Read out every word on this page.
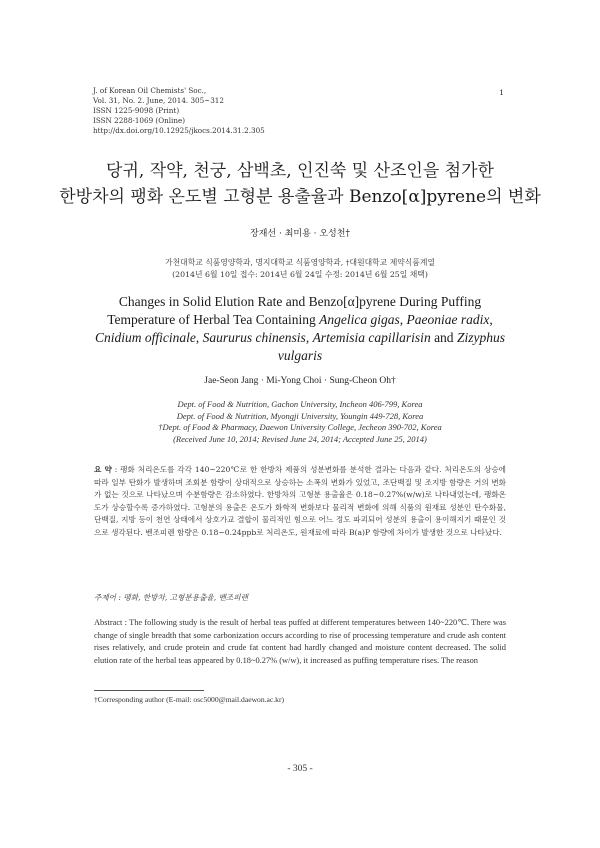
1
J. of Korean Oil Chemists' Soc.,
Vol. 31, No. 2. June, 2014. 305~312
ISSN 1225-9098 (Print)
ISSN 2288-1069 (Online)
http://dx.doi.org/10.12925/jkocs.2014.31.2.305
당귀, 작약, 천궁, 삼백초, 인진쑥 및 산조인을 첨가한
한방차의 팽화 온도별 고형분 용출율과 Benzo[α]pyrene의 변화
장재선 · 최미용 · 오성천†
가천대학교 식품영양학과, 명지대학교 식품영양학과, †대원대학교 제약식품계열
(2014년 6월 10일 접수: 2014년 6월 24일 수정: 2014년 6월 25일 채택)
Changes in Solid Elution Rate and Benzo[α]pyrene During Puffing Temperature of Herbal Tea Containing Angelica gigas, Paeoniae radix, Cnidium officinale, Saururus chinensis, Artemisia capillarisin and Zizyphus vulgaris
Jae-Seon Jang · Mi-Yong Choi · Sung-Cheon Oh†
Dept. of Food & Nutrition, Gachon University, Incheon 406-799, Korea
Dept. of Food & Nutrition, Myongji University, Youngin 449-728, Korea
†Dept. of Food & Pharmacy, Daewon University College, Jecheon 390-702, Korea
(Received June 10, 2014; Revised June 24, 2014; Accepted June 25, 2014)
요 약 : 팽화 처리온도를 각각 140~220℃로 한 한방차 제품의 성분변화를 분석한 결과는 다음과 같다. 처리온도의 상승에 따라 일부 탄화가 발생하며 조회분 함량이 상대적으로 상승하는 소폭의 변화가 있었고, 조단백질 및 조지방 함량은 거의 변화가 없는 것으로 나타났으며 수분함량은 감소하였다. 한방차의 고형분 용출율은 0.18~0.27%(w/w)로 나타내었는데, 팽화온도가 상승할수록 증가하였다. 고형분의 용출은 온도가 화학적 변화보다 물리적 변화에 의해 식품의 원재료 성분인 탄수화물, 단백질, 지방 등이 천연 상태에서 상호가교 결합이 물리적인 힘으로 어느 정도 파괴되어 성분의 용출이 용이해지기 때문인 것으로 생각된다. 벤조피렌 함량은 0.18~0.24ppb로 처리온도, 원재료에 따라 B(a)P 함량에 차이가 발생한 것으로 나타났다.
주제어 : 팽화, 한방차, 고형분용출율, 벤조피렌
Abstract : The following study is the result of herbal teas puffed at different temperatures between 140~220℃. There was change of single breadth that some carbonization occurs according to rise of processing temperature and crude ash content rises relatively, and crude protein and crude fat content had hardly changed and moisture content decreased. The solid elution rate of the herbal teas appeared by 0.18~0.27% (w/w), it increased as puffing temperature rises. The reason
†Corresponding author (E-mail: osc5000@mail.daewon.ac.kr)
- 305 -
